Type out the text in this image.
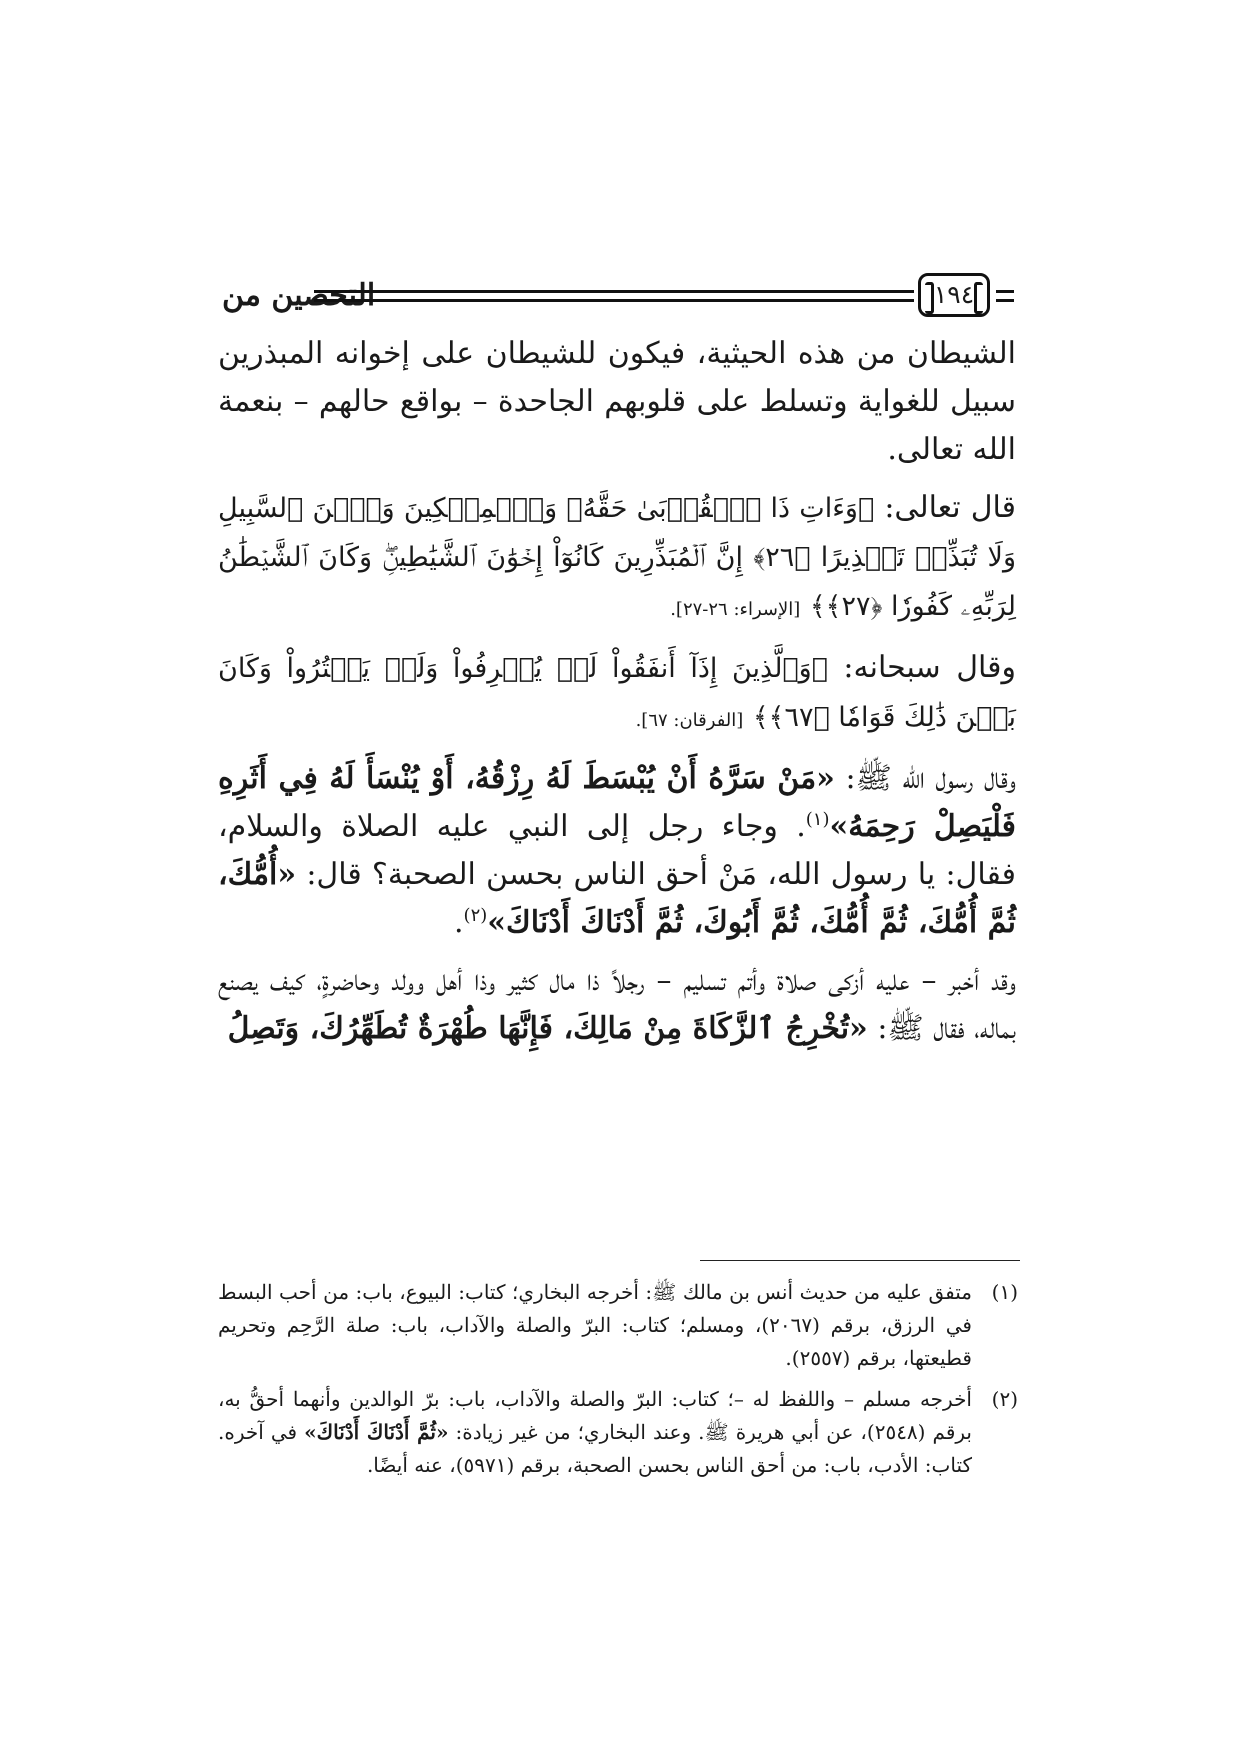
التحصين من	١٩٤

الشيطان من هذه الحيثية، فيكون للشيطان على إخوانه المبذرين سبيل للغواية وتسلط على قلوبهم الجاحدة – بواقع حالهم – بنعمة الله تعالى.

قال تعالى: ﴿وَءَاتِ ذَا ٱلۡقُرۡبَىٰ حَقَّهُۥ وَٱلۡمِسۡكِينَ وَٱبۡنَ ٱلسَّبِيلِ وَلَا تُبَذِّرۡ تَبۡذِيرًا ﴿٢٦﴾ إِنَّ ٱلۡمُبَذِّرِينَ كَانُوٓاْ إِخۡوَٰنَ ٱلشَّيَٰطِينِۖ وَكَانَ ٱلشَّيۡطَٰنُ لِرَبِّهِۦ كَفُورٗا ﴿٢٧﴾﴾ [الإسراء: ٢٦-٢٧].

وقال سبحانه: ﴿وَٱلَّذِينَ إِذَآ أَنفَقُواْ لَمۡ يُسۡرِفُواْ وَلَمۡ يَقۡتُرُواْ وَكَانَ بَيۡنَ ذَٰلِكَ قَوَامٗا ﴿٦٧﴾﴾ [الفرقان: ٦٧].

وقال رسول الله ﷺ: «مَنْ سَرَّهُ أَنْ يُبْسَطَ لَهُ رِزْقُهُ، أَوْ يُنْسَأَ لَهُ فِي أَثَرِهِ فَلْيَصِلْ رَحِمَهُ»$^{(١)}$. وجاء رجل إلى النبي عليه الصلاة والسلام، فقال: يا رسول الله، مَنْ أحق الناس بحسن الصحبة؟ قال: «أُمُّكَ، ثُمَّ أُمُّكَ، ثُمَّ أُمُّكَ، ثُمَّ أَبُوكَ، ثُمَّ أَدْنَاكَ أَدْنَاكَ»$^{(٢)}$.

وقد أخبر – عليه أزكى صلاة وأتم تسليم – رجلاً ذا مال كثير وذا أهل وولد وحاضرةٍ، كيف يصنع بماله، فقال ﷺ: «تُخْرِجُ ٱلزَّكَاةَ مِنْ مَالِكَ، فَإِنَّهَا طُهْرَةٌ تُطَهِّرُكَ، وَتَصِلُ

(١)
متفق عليه من حديث أنس بن مالك ﷺ: أخرجه البخاري؛ كتاب: البيوع، باب: من أحب البسط في الرزق، برقم (٢٠٦٧)، ومسلم؛ كتاب: البرّ والصلة والآداب، باب: صلة الرَّحِم وتحريم قطيعتها، برقم (٢٥٥٧).
(٢)
أخرجه مسلم – واللفظ له –؛ كتاب: البرّ والصلة والآداب، باب: برّ الوالدين وأنهما أحقُّ به، برقم (٢٥٤٨)، عن أبي هريرة ﷺ. وعند البخاري؛ من غير زيادة: «ثُمَّ أَدْنَاكَ أَدْنَاكَ» في آخره. كتاب: الأدب، باب: من أحق الناس بحسن الصحبة، برقم (٥٩٧١)، عنه أيضًا.
